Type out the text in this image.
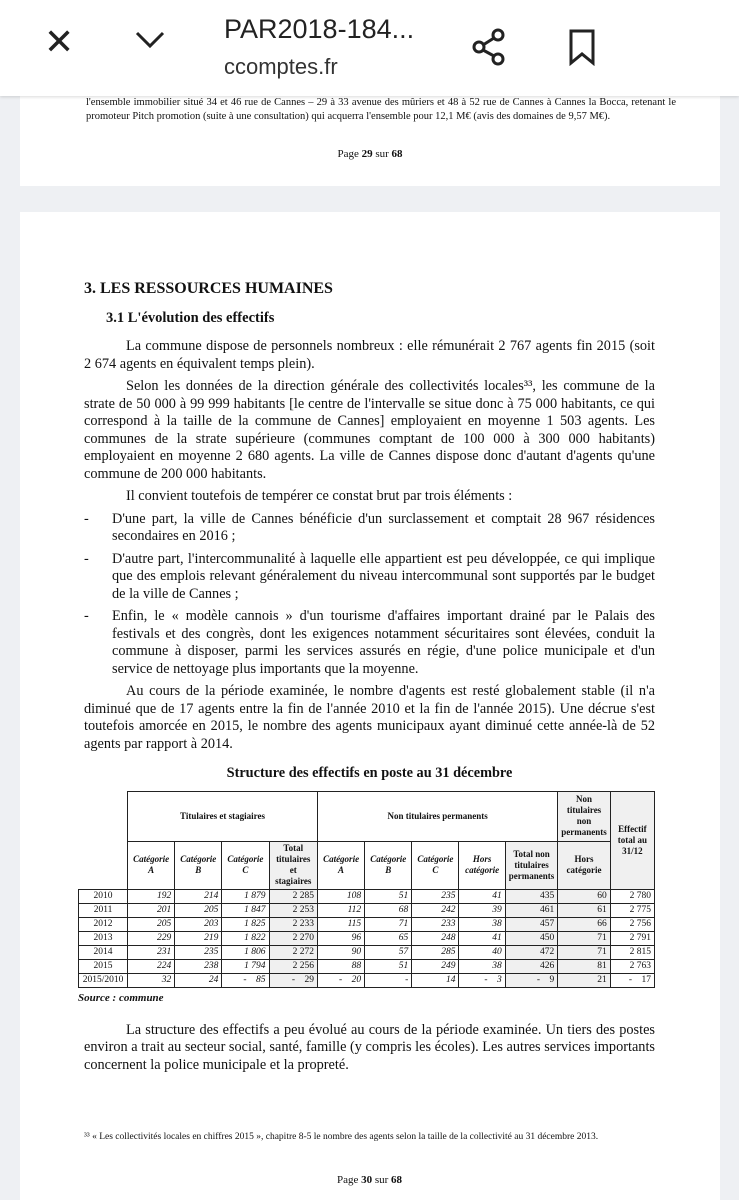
✕	PAR2018-184...
ccomptes.fr
l'ensemble immobilier situé 34 et 46 rue de Cannes – 29 à 33 avenue des mûriers et 48 à 52 rue de Cannes à Cannes la Bocca, retenant le promoteur Pitch promotion (suite à une consultation) qui acquerra l'ensemble pour 12,1 M€ (avis des domaines de 9,57 M€).
Page 29 sur 68
3. LES RESSOURCES HUMAINES
3.1 L'évolution des effectifs
La commune dispose de personnels nombreux : elle rémunérait 2 767 agents fin 2015 (soit 2 674 agents en équivalent temps plein).
Selon les données de la direction générale des collectivités locales³³, les commune de la strate de 50 000 à 99 999 habitants [le centre de l'intervalle se situe donc à 75 000 habitants, ce qui correspond à la taille de la commune de Cannes] employaient en moyenne 1 503 agents. Les communes de la strate supérieure (communes comptant de 100 000 à 300 000 habitants) employaient en moyenne 2 680 agents. La ville de Cannes dispose donc d'autant d'agents qu'une commune de 200 000 habitants.
Il convient toutefois de tempérer ce constat brut par trois éléments :
- D'une part, la ville de Cannes bénéficie d'un surclassement et comptait 28 967 résidences secondaires en 2016 ;
- D'autre part, l'intercommunalité à laquelle elle appartient est peu développée, ce qui implique que des emplois relevant généralement du niveau intercommunal sont supportés par le budget de la ville de Cannes ;
- Enfin, le « modèle cannois » d'un tourisme d'affaires important drainé par le Palais des festivals et des congrès, dont les exigences notamment sécuritaires sont élevées, conduit la commune à disposer, parmi les services assurés en régie, d'une police municipale et d'un service de nettoyage plus importants que la moyenne.
Au cours de la période examinée, le nombre d'agents est resté globalement stable (il n'a diminué que de 17 agents entre la fin de l'année 2010 et la fin de l'année 2015). Une décrue s'est toutefois amorcée en 2015, le nombre des agents municipaux ayant diminué cette année-là de 52 agents par rapport à 2014.
Structure des effectifs en poste au 31 décembre
	Titulaires et stagiaires				Non titulaires permanents					Non titulaires non permanents	Effectif total au 31/12
	Catégorie A	Catégorie B	Catégorie C	Total titulaires et stagiaires	Catégorie A	Catégorie B	Catégorie C	Hors catégorie	Total non titulaires permanents	Hors catégorie	
2010	192	214	1 879	2 285	108	51	235	41	435	60	2 780
2011	201	205	1 847	2 253	112	68	242	39	461	61	2 775
2012	205	203	1 825	2 233	115	71	233	38	457	66	2 756
2013	229	219	1 822	2 270	96	65	248	41	450	71	2 791
2014	231	235	1 806	2 272	90	57	285	40	472	71	2 815
2015	224	238	1 794	2 256	88	51	249	38	426	81	2 763
2015/2010	32	24	-    85	-    29	-    20	-	14	-    3	-    9	21	-    17
Source : commune
La structure des effectifs a peu évolué au cours de la période examinée. Un tiers des postes environ a trait au secteur social, santé, famille (y compris les écoles). Les autres services importants concernent la police municipale et la propreté.
³³ « Les collectivités locales en chiffres 2015 », chapitre 8-5 le nombre des agents selon la taille de la collectivité au 31 décembre 2013.
Page 30 sur 68
